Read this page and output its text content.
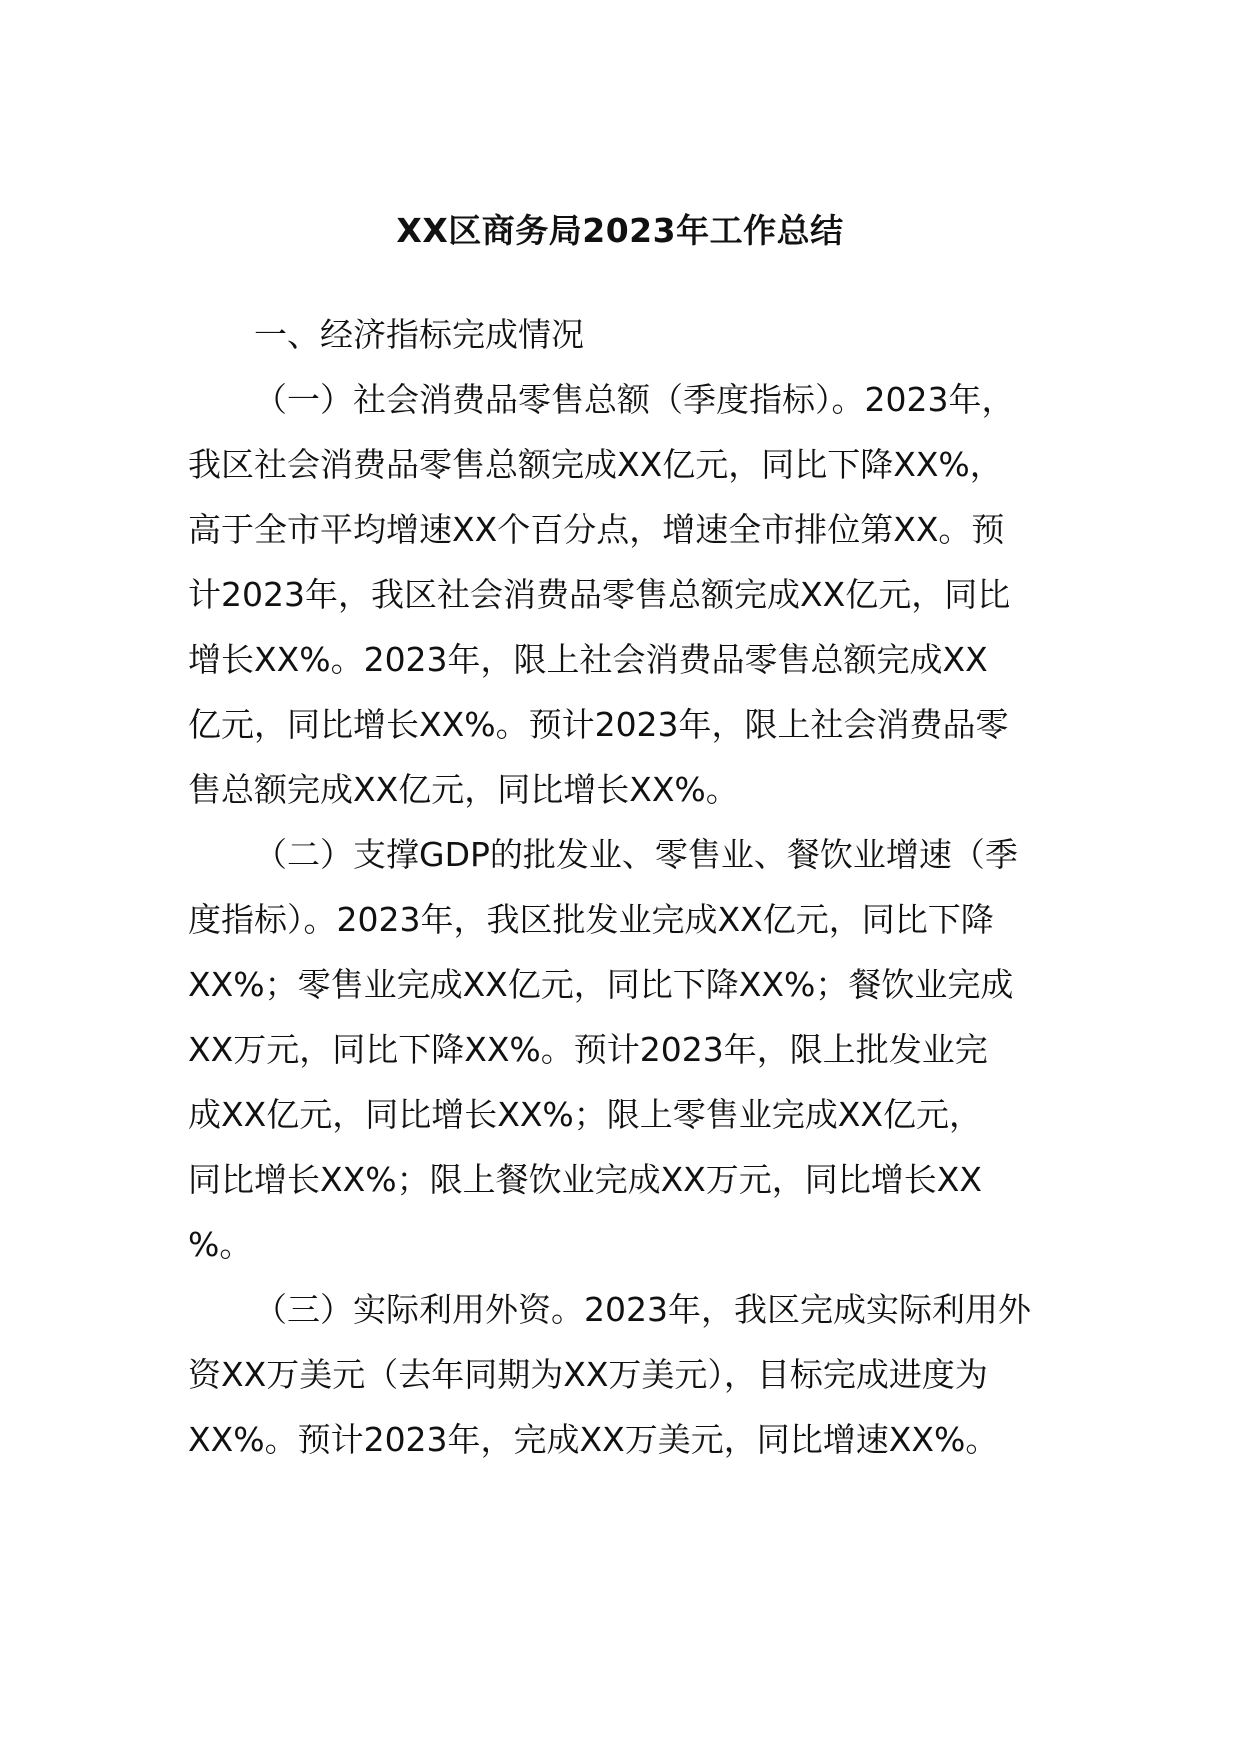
XX区商务局2023年工作总结
一、经济指标完成情况
（一）社会消费品零售总额（季度指标）。2023年，
我区社会消费品零售总额完成XX亿元，同比下降XX%，
高于全市平均增速XX个百分点，增速全市排位第XX。预
计2023年，我区社会消费品零售总额完成XX亿元，同比
增长XX%。2023年，限上社会消费品零售总额完成XX
亿元，同比增长XX%。预计2023年，限上社会消费品零
售总额完成XX亿元，同比增长XX%。
（二）支撑GDP的批发业、零售业、餐饮业增速（季
度指标）。2023年，我区批发业完成XX亿元，同比下降
XX%；零售业完成XX亿元，同比下降XX%；餐饮业完成
XX万元，同比下降XX%。预计2023年，限上批发业完
成XX亿元，同比增长XX%；限上零售业完成XX亿元，
同比增长XX%；限上餐饮业完成XX万元，同比增长XX
%。
（三）实际利用外资。2023年，我区完成实际利用外
资XX万美元（去年同期为XX万美元），目标完成进度为
XX%。预计2023年，完成XX万美元，同比增速XX%。
